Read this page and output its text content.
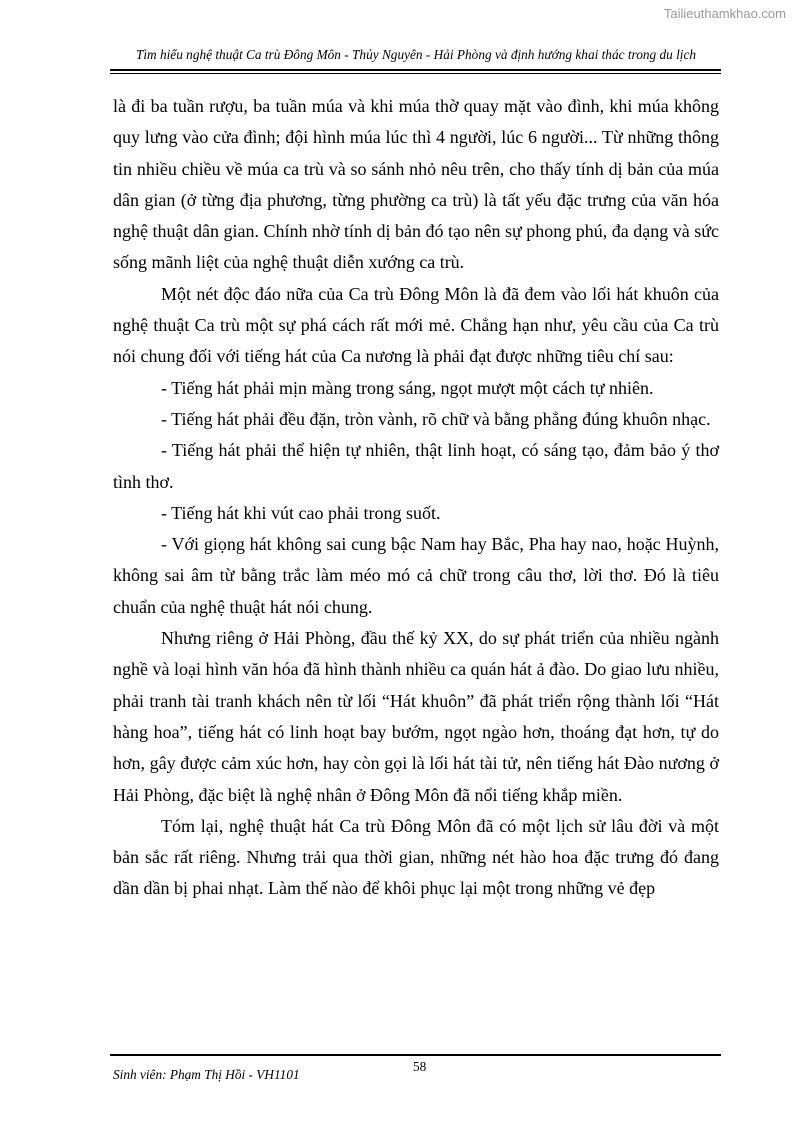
Tailieuthamkhao.com
Tìm hiểu nghệ thuật Ca trù Đông Môn - Thủy Nguyên - Hải Phòng và định hướng khai thác trong du lịch

là đi ba tuần rượu, ba tuần múa và khi múa thờ quay mặt vào đình, khi múa không quy lưng vào cửa đình; đội hình múa lúc thì 4 người, lúc 6 người... Từ những thông tin nhiều chiều về múa ca trù và so sánh nhỏ nêu trên, cho thấy tính dị bản của múa dân gian (ở từng địa phương, từng phường ca trù) là tất yếu đặc trưng của văn hóa nghệ thuật dân gian. Chính nhờ tính dị bản đó tạo nên sự phong phú, đa dạng và sức sống mãnh liệt của nghệ thuật diễn xướng ca trù.

Một nét độc đáo nữa của Ca trù Đông Môn là đã đem vào lối hát khuôn của nghệ thuật Ca trù một sự phá cách rất mới mẻ. Chẳng hạn như, yêu cầu của Ca trù nói chung đối với tiếng hát của Ca nương là phải đạt được những tiêu chí sau:

- Tiếng hát phải mịn màng trong sáng, ngọt mượt một cách tự nhiên.

- Tiếng hát phải đều đặn, tròn vành, rõ chữ và bằng phẳng đúng khuôn nhạc.

- Tiếng hát phải thể hiện tự nhiên, thật linh hoạt, có sáng tạo, đảm bảo ý thơ tình thơ.

- Tiếng hát khi vút cao phải trong suốt.

- Với giọng hát không sai cung bậc Nam hay Bắc, Pha hay nao, hoặc Huỳnh, không sai âm từ bằng trắc làm méo mó cả chữ trong câu thơ, lời thơ. Đó là tiêu chuẩn của nghệ thuật hát nói chung.

Nhưng riêng ở Hải Phòng, đầu thế kỷ XX, do sự phát triển của nhiều ngành nghề và loại hình văn hóa đã hình thành nhiều ca quán hát ả đào. Do giao lưu nhiều, phải tranh tài tranh khách nên từ lối “Hát khuôn” đã phát triển rộng thành lối “Hát hàng hoa”, tiếng hát có linh hoạt bay bướm, ngọt ngào hơn, thoáng đạt hơn, tự do hơn, gây được cảm xúc hơn, hay còn gọi là lối hát tài tử, nên tiếng hát Đào nương ở Hải Phòng, đặc biệt là nghệ nhân ở Đông Môn đã nổi tiếng khắp miền.

Tóm lại, nghệ thuật hát Ca trù Đông Môn đã có một lịch sử lâu đời và một bản sắc rất riêng. Nhưng trải qua thời gian, những nét hào hoa đặc trưng đó đang dần dần bị phai nhạt. Làm thế nào để khôi phục lại một trong những vẻ đẹp

Sinh viên: Phạm Thị Hồi - VH1101
58
